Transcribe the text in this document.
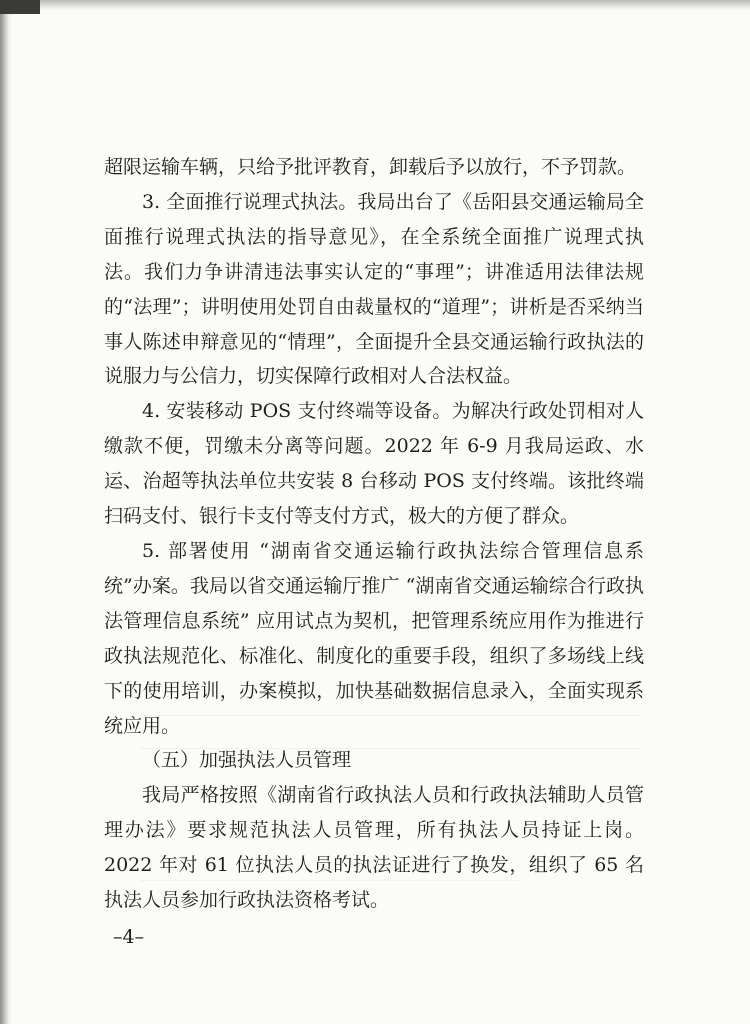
超限运输车辆，只给予批评教育，卸载后予以放行，不予罚款。

3. 全面推行说理式执法。我局出台了《岳阳县交通运输局全面推行说理式执法的指导意见》，在全系统全面推广说理式执法。我们力争讲清违法事实认定的“事理”；讲准适用法律法规的“法理”；讲明使用处罚自由裁量权的“道理”；讲析是否采纳当事人陈述申辩意见的“情理”，全面提升全县交通运输行政执法的说服力与公信力，切实保障行政相对人合法权益。

4. 安装移动 POS 支付终端等设备。为解决行政处罚相对人缴款不便，罚缴未分离等问题。2022 年 6-9 月我局运政、水运、治超等执法单位共安装 8 台移动 POS 支付终端。该批终端扫码支付、银行卡支付等支付方式，极大的方便了群众。

5. 部署使用 “湖南省交通运输行政执法综合管理信息系统”办案。我局以省交通运输厅推广 “湖南省交通运输综合行政执法管理信息系统” 应用试点为契机，把管理系统应用作为推进行政执法规范化、标准化、制度化的重要手段，组织了多场线上线下的使用培训，办案模拟，加快基础数据信息录入，全面实现系统应用。

（五）加强执法人员管理

我局严格按照《湖南省行政执法人员和行政执法辅助人员管理办法》要求规范执法人员管理，所有执法人员持证上岗。2022 年对 61 位执法人员的执法证进行了换发，组织了 65 名执法人员参加行政执法资格考试。

–4–
